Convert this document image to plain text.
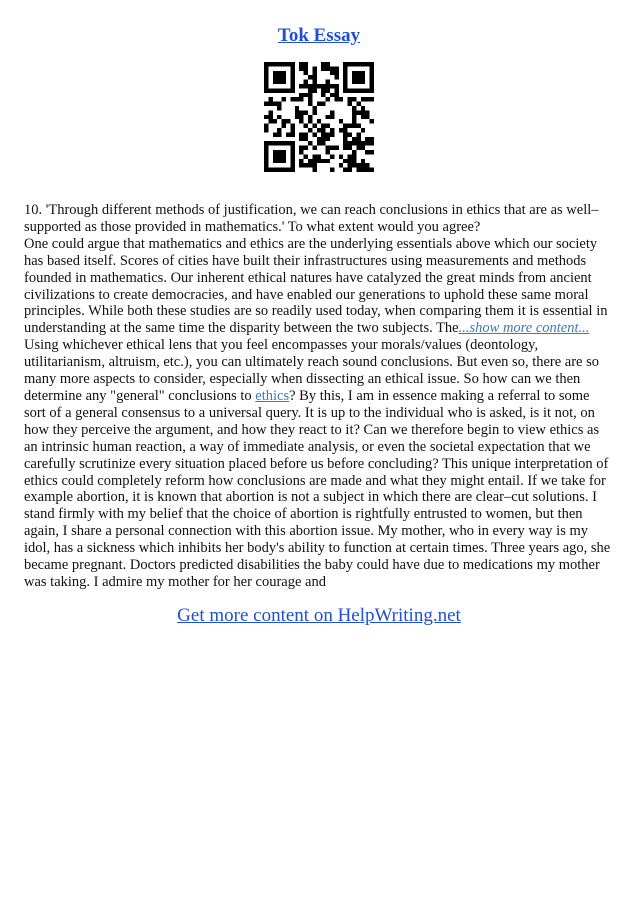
Tok Essay

10. 'Through different methods of justification, we can reach conclusions in ethics that are as well–supported as those provided in mathematics.' To what extent would you agree?

One could argue that mathematics and ethics are the underlying essentials above which our society has based itself. Scores of cities have built their infrastructures using measurements and methods founded in mathematics. Our inherent ethical natures have catalyzed the great minds from ancient civilizations to create democracies, and have enabled our generations to uphold these same moral principles. While both these studies are so readily used today, when comparing them it is essential in understanding at the same time the disparity between the two subjects. The...show more content...
Using whichever ethical lens that you feel encompasses your morals/values (deontology, utilitarianism, altruism, etc.), you can ultimately reach sound conclusions. But even so, there are so many more aspects to consider, especially when dissecting an ethical issue. So how can we then determine any "general" conclusions to ethics? By this, I am in essence making a referral to some sort of a general consensus to a universal query. It is up to the individual who is asked, is it not, on how they perceive the argument, and how they react to it? Can we therefore begin to view ethics as an intrinsic human reaction, a way of immediate analysis, or even the societal expectation that we carefully scrutinize every situation placed before us before concluding? This unique interpretation of ethics could completely reform how conclusions are made and what they might entail. If we take for example abortion, it is known that abortion is not a subject in which there are clear–cut solutions. I stand firmly with my belief that the choice of abortion is rightfully entrusted to women, but then again, I share a personal connection with this abortion issue. My mother, who in every way is my idol, has a sickness which inhibits her body's ability to function at certain times. Three years ago, she became pregnant. Doctors predicted disabilities the baby could have due to medications my mother was taking. I admire my mother for her courage and

Get more content on HelpWriting.net
